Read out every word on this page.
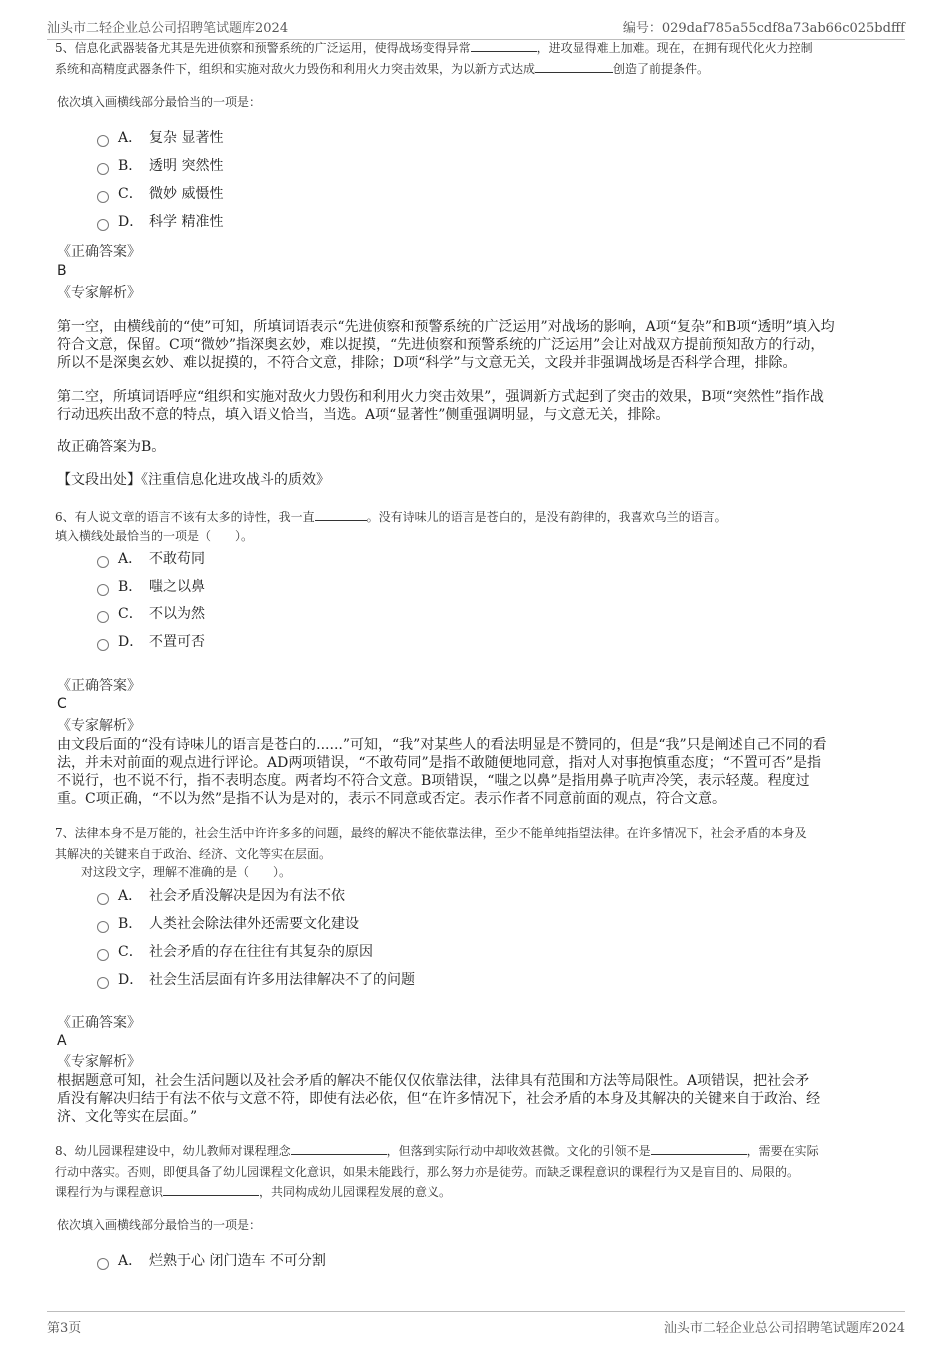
汕头市二轻企业总公司招聘笔试题库2024	编号：029daf785a55cdf8a73ab66c025bdfff
5、信息化武器装备尤其是先进侦察和预警系统的广泛运用，使得战场变得异常	，进攻显得难上加难。现在，在拥有现代化火力控制
系统和高精度武器条件下，组织和实施对敌火力毁伤和利用火力突击效果，为以新方式达成	创造了前提条件。
依次填入画横线部分最恰当的一项是：
A． 复杂 显著性
B． 透明 突然性
C． 微妙 威慑性
D． 科学 精准性
《正确答案》
B
《专家解析》
第一空，由横线前的“使”可知，所填词语表示“先进侦察和预警系统的广泛运用”对战场的影响，A项“复杂”和B项“透明”填入均
符合文意，保留。C项“微妙”指深奥玄妙，难以捉摸，“先进侦察和预警系统的广泛运用”会让对战双方提前预知敌方的行动，
所以不是深奥玄妙、难以捉摸的，不符合文意，排除；D项“科学”与文意无关，文段并非强调战场是否科学合理，排除。
第二空，所填词语呼应“组织和实施对敌火力毁伤和利用火力突击效果”，强调新方式起到了突击的效果，B项“突然性”指作战
行动迅疾出敌不意的特点，填入语义恰当，当选。A项“显著性”侧重强调明显，与文意无关，排除。
故正确答案为B。
【文段出处】《注重信息化进攻战斗的质效》
6、有人说文章的语言不该有太多的诗性，我一直	。没有诗味儿的语言是苍白的，是没有韵律的，我喜欢乌兰的语言。
填入横线处最恰当的一项是（　　）。
A． 不敢苟同
B． 嗤之以鼻
C． 不以为然
D． 不置可否
《正确答案》
C
《专家解析》
由文段后面的“没有诗味儿的语言是苍白的......”可知，“我”对某些人的看法明显是不赞同的，但是“我”只是阐述自己不同的看
法，并未对前面的观点进行评论。AD两项错误，“不敢苟同”是指不敢随便地同意，指对人对事抱慎重态度；“不置可否”是指
不说行，也不说不行，指不表明态度。两者均不符合文意。B项错误，“嗤之以鼻”是指用鼻子吭声冷笑，表示轻蔑。程度过
重。C项正确，“不以为然”是指不认为是对的，表示不同意或否定。表示作者不同意前面的观点，符合文意。
7、法律本身不是万能的，社会生活中许许多多的问题，最终的解决不能依靠法律，至少不能单纯指望法律。在许多情况下，社会矛盾的本身及
其解决的关键来自于政治、经济、文化等实在层面。
对这段文字，理解不准确的是（　　）。
A． 社会矛盾没解决是因为有法不依
B． 人类社会除法律外还需要文化建设
C． 社会矛盾的存在往往有其复杂的原因
D． 社会生活层面有许多用法律解决不了的问题
《正确答案》
A
《专家解析》
根据题意可知，社会生活问题以及社会矛盾的解决不能仅仅依靠法律，法律具有范围和方法等局限性。A项错误，把社会矛
盾没有解决归结于有法不依与文意不符，即使有法必依，但“在许多情况下，社会矛盾的本身及其解决的关键来自于政治、经
济、文化等实在层面。”
8、幼儿园课程建设中，幼儿教师对课程理念	，但落到实际行动中却收效甚微。文化的引领不是	，需要在实际
行动中落实。否则，即便具备了幼儿园课程文化意识，如果未能践行，那么努力亦是徒劳。而缺乏课程意识的课程行为又是盲目的、局限的。
课程行为与课程意识	，共同构成幼儿园课程发展的意义。
依次填入画横线部分最恰当的一项是：
A． 烂熟于心 闭门造车 不可分割
第3页	汕头市二轻企业总公司招聘笔试题库2024
